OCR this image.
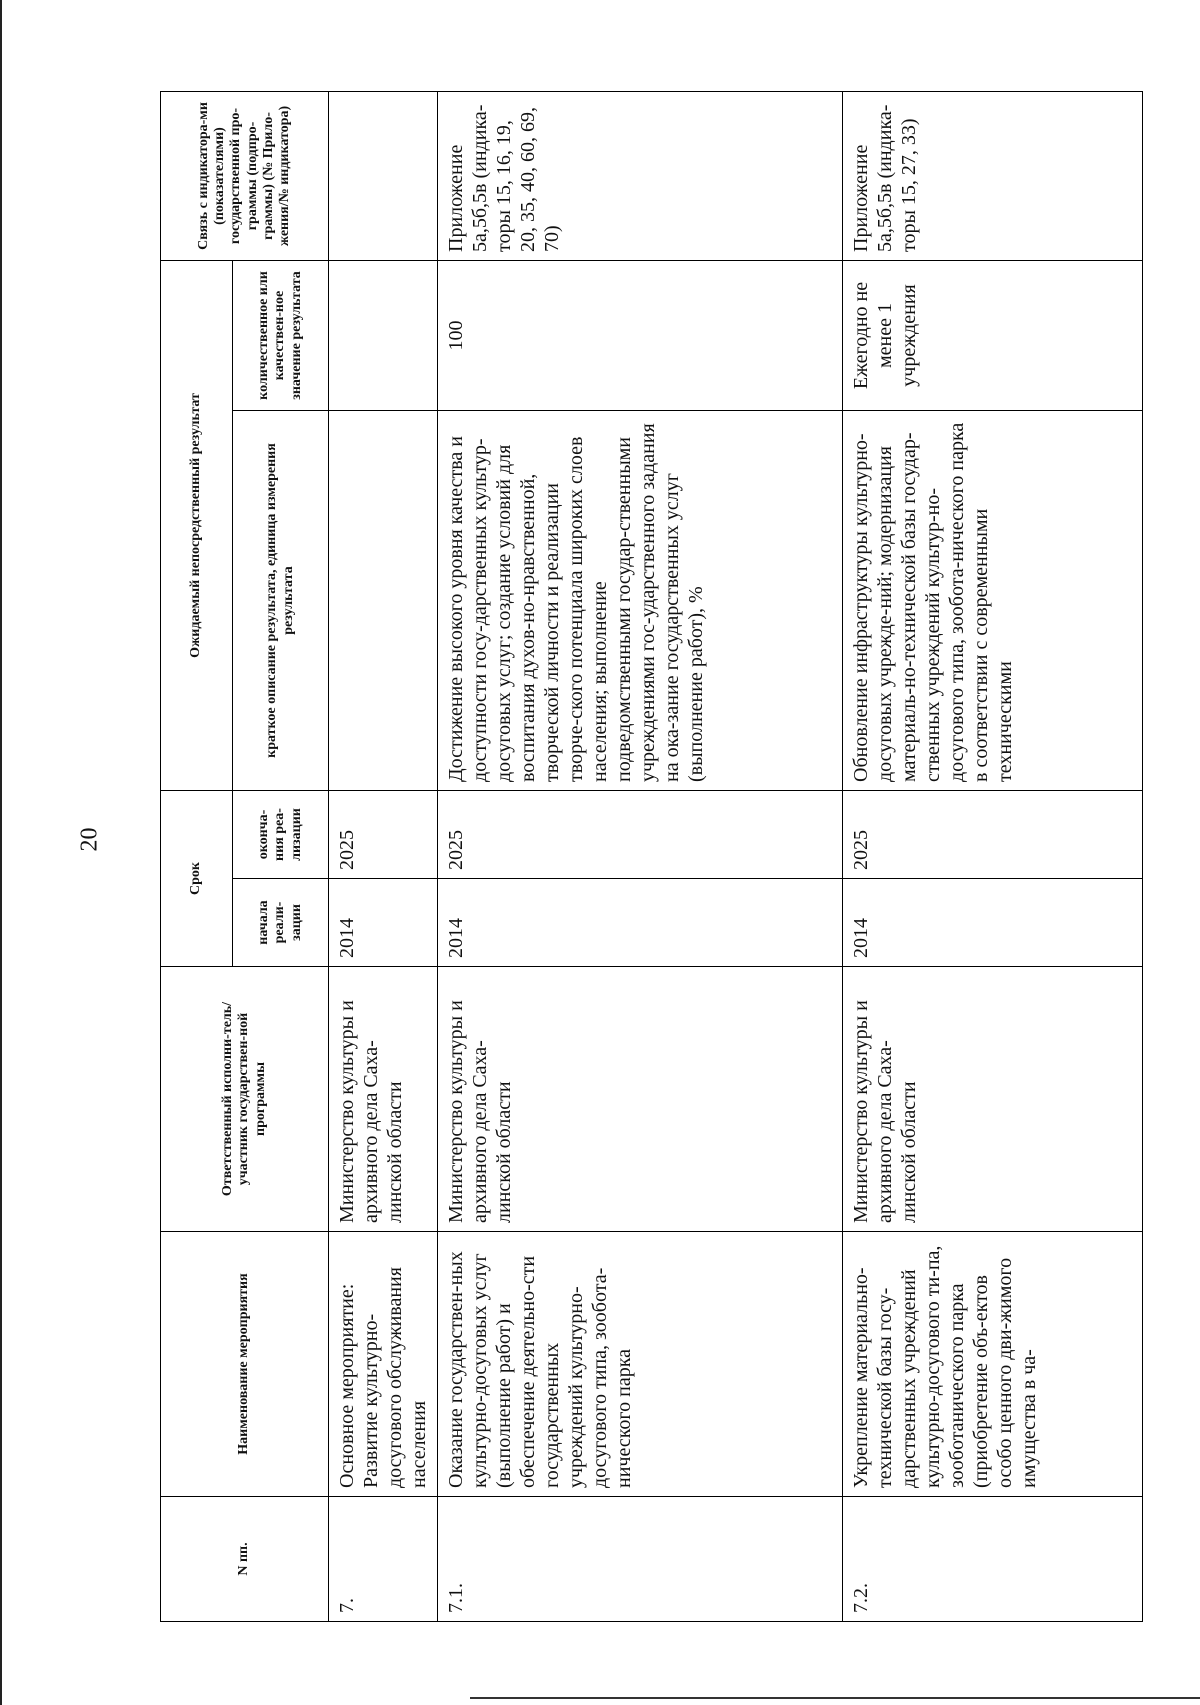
20
N пп.	Наименование мероприятия	Ответственный исполни-тель/участник государствен-ной программы	Срок		Ожидаемый непосредственный результат		Связь с индикатора-ми (показателями) государственной про-граммы (подпро-граммы) (№ Прило-жения/№ индикатора)
			начала реали-зации	оконча-ния реа-лизации	краткое описание результата, единица измерения результата	количественное или качествен-ное значение результата	
7.	Основное мероприятие: Развитие культурно-досугового обслуживания населения	Министерство культуры и архивного дела Саха-линской области	2014	2025			
7.1.	Оказание государствен-ных культурно-досуговых услуг (выполнение работ) и обеспечение деятельно-сти государственных учреждений культурно-досугового типа, зообота-нического парка	Министерство культуры и архивного дела Саха-линской области	2014	2025	Достижение высокого уровня качества и доступности госу-дарственных культур-досуговых услуг; создание условий для воспитания духов-но-нравственной, творческой личности и реализации творче-ского потенциала широких слоев населения; выполнение подведомственными государ-ственными учреждениями гос-ударственного задания на ока-зание государственных услуг (выполнение работ), %	100	Приложение 5а,5б,5в (индика-торы 15, 16, 19, 20, 35, 40, 60, 69, 70)
7.2.	Укрепление материально-технической базы госу-дарственных учреждений культурно-досугового ти-па, зооботанического парка (приобретение объ-ектов особо ценного дви-жимого имущества в ча-	Министерство культуры и архивного дела Саха-линской области	2014	2025	Обновление инфраструктуры культурно-досуговых учрежде-ний; модернизация материаль-но-технической базы государ-ственных учреждений культур-но-досугового типа, зообота-нического парка в соответствии с современными техническими	Ежегодно не менее 1 учреждения	Приложение 5а,5б,5в (индика-торы 15, 27, 33)
